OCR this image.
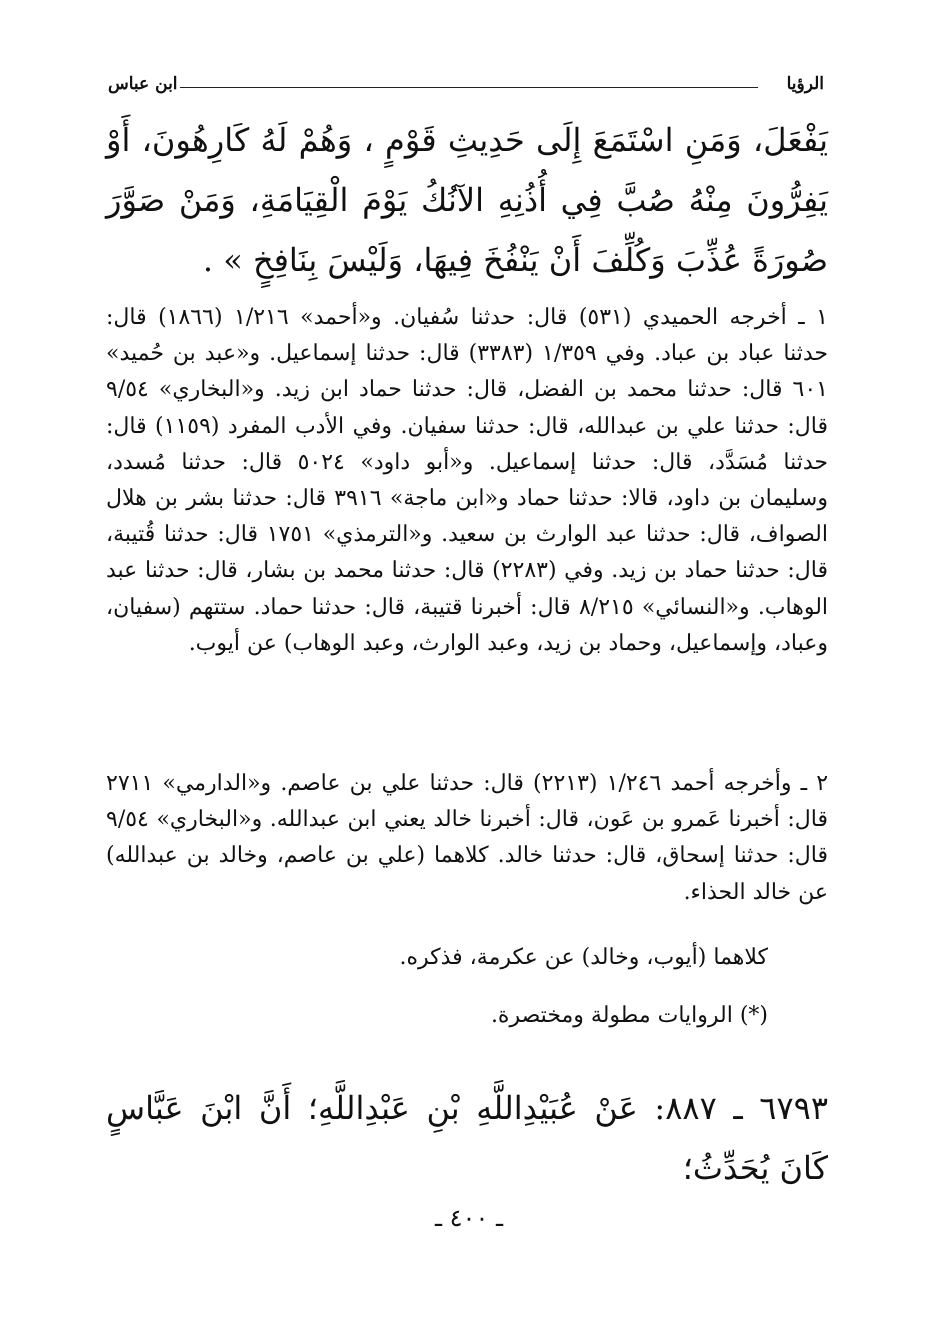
ابن عباس	الرؤيا

يَفْعَلَ، وَمَنِ اسْتَمَعَ إِلَى حَدِيثِ قَوْمٍ ، وَهُمْ لَهُ كَارِهُونَ، أَوْ يَفِرُّونَ مِنْهُ صُبَّ فِي أُذُنِهِ الآنُكُ يَوْمَ الْقِيَامَةِ، وَمَنْ صَوَّرَ صُورَةً عُذِّبَ وَكُلِّفَ أَنْ يَنْفُخَ فِيهَا، وَلَيْسَ بِنَافِخٍ » .

١ ـ أخرجه الحميدي (٥٣١) قال: حدثنا سُفيان. و«أحمد» ١/٢١٦ (١٨٦٦) قال: حدثنا عباد بن عباد. وفي ١/٣٥٩ (٣٣٨٣) قال: حدثنا إسماعيل. و«عبد بن حُميد» ٦٠١ قال: حدثنا محمد بن الفضل، قال: حدثنا حماد ابن زيد. و«البخاري» ٩/٥٤ قال: حدثنا علي بن عبدالله، قال: حدثنا سفيان. وفي الأدب المفرد (١١٥٩) قال: حدثنا مُسَدَّد، قال: حدثنا إسماعيل. و«أبو داود» ٥٠٢٤ قال: حدثنا مُسدد، وسليمان بن داود، قالا: حدثنا حماد و«ابن ماجة» ٣٩١٦ قال: حدثنا بشر بن هلال الصواف، قال: حدثنا عبد الوارث بن سعيد. و«الترمذي» ١٧٥١ قال: حدثنا قُتيبة، قال: حدثنا حماد بن زيد. وفي (٢٢٨٣) قال: حدثنا محمد بن بشار، قال: حدثنا عبد الوهاب. و«النسائي» ٨/٢١٥ قال: أخبرنا قتيبة، قال: حدثنا حماد. ستتهم (سفيان، وعباد، وإسماعيل، وحماد بن زيد، وعبد الوارث، وعبد الوهاب) عن أيوب.

٢ ـ وأخرجه أحمد ١/٢٤٦ (٢٢١٣) قال: حدثنا علي بن عاصم. و«الدارمي» ٢٧١١ قال: أخبرنا عَمرو بن عَون، قال: أخبرنا خالد يعني ابن عبدالله. و«البخاري» ٩/٥٤ قال: حدثنا إسحاق، قال: حدثنا خالد. كلاهما (علي بن عاصم، وخالد بن عبدالله) عن خالد الحذاء.

كلاهما (أيوب، وخالد) عن عكرمة، فذكره.

(*) الروايات مطولة ومختصرة.

٦٧٩٣ ـ ٨٨٧: عَنْ عُبَيْدِاللَّهِ بْنِ عَبْدِاللَّهِ؛ أَنَّ ابْنَ عَبَّاسٍ كَانَ يُحَدِّثُ؛

ـ ٤٠٠ ـ
